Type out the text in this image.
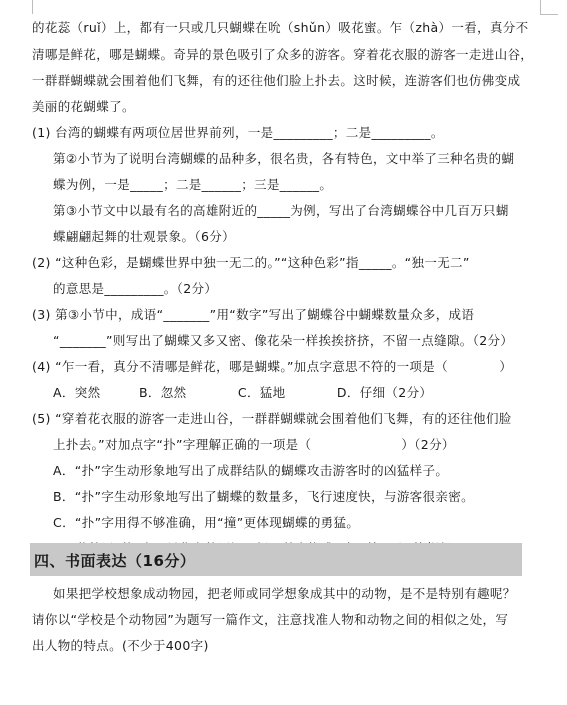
的花蕊（ruǐ）上，都有一只或几只蝴蝶在吮（shǔn）吸花蜜。乍（zhà）一看，真分不
清哪是鲜花，哪是蝴蝶。奇异的景色吸引了众多的游客。穿着花衣服的游客一走进山谷，
一群群蝴蝶就会围着他们飞舞，有的还往他们脸上扑去。这时候，连游客们也仿佛变成
美丽的花蝴蝶了。
(1) 台湾的蝴蝶有两项位居世界前列，一是_________；二是_________。
第②小节为了说明台湾蝴蝶的品种多，很名贵，各有特色，文中举了三种名贵的蝴
蝶为例，一是_____；二是______；三是______。
第③小节文中以最有名的高雄附近的_____为例，写出了台湾蝴蝶谷中几百万只蝴
蝶翩翩起舞的壮观景象。（6分）
(2) “这种色彩，是蝴蝶世界中独一无二的。”“这种色彩”指_____。“独一无二”
的意思是_________。（2分）
(3) 第③小节中，成语“_______”用“数字”写出了蝴蝶谷中蝴蝶数量众多，成语
“_______”则写出了蝴蝶又多又密、像花朵一样挨挨挤挤，不留一点缝隙。（2分）
(4) “乍一看，真分不清哪是鲜花，哪是蝴蝶。”加点字意思不符的一项是（　　　　）
A．突然　　　B．忽然　　　　C．猛地　　　　D．仔细（2分）
(5) “穿着花衣服的游客一走进山谷，一群群蝴蝶就会围着他们飞舞，有的还往他们脸
上扑去。”对加点字“扑”字理解正确的一项是（　　　　　　　）（2分）
A．“扑”字生动形象地写出了成群结队的蝴蝶攻击游客时的凶猛样子。
B．“扑”字生动形象地写出了蝴蝶的数量多，飞行速度快，与游客很亲密。
C．“扑”字用得不够准确，用“撞”更体现蝴蝶的勇猛。
四、书面表达（16分）
如果把学校想象成动物园，把老师或同学想象成其中的动物，是不是特别有趣呢？
请你以“学校是个动物园”为题写一篇作文，注意找准人物和动物之间的相似之处，写
出人物的特点。(不少于400字)
